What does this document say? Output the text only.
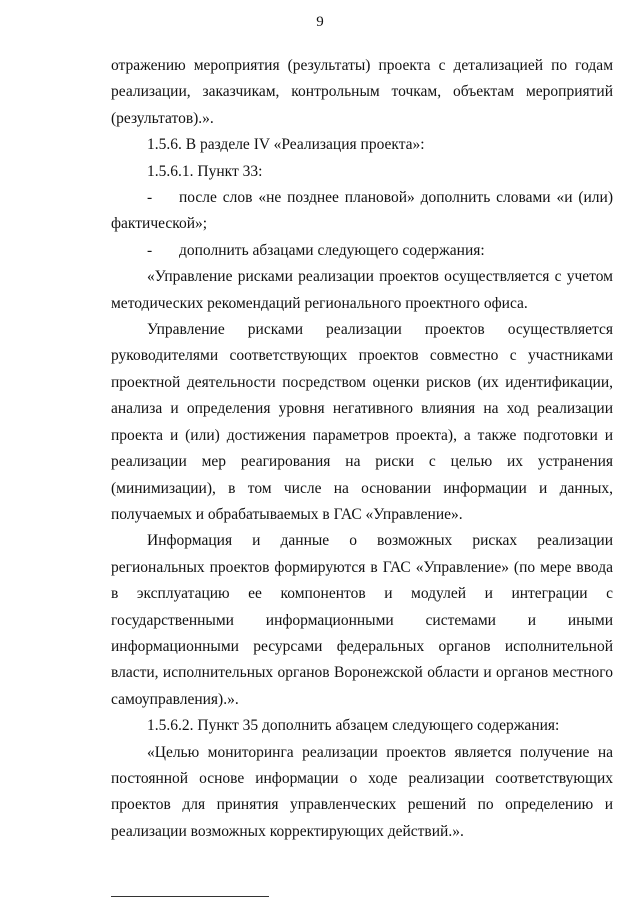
9

отражению мероприятия (результаты) проекта с детализацией по годам реализации, заказчикам, контрольным точкам, объектам мероприятий (результатов).».

1.5.6. В разделе IV «Реализация проекта»:

1.5.6.1. Пункт 33:

- после слов «не позднее плановой» дополнить словами «и (или) фактической»;

- дополнить абзацами следующего содержания:

«Управление рисками реализации проектов осуществляется с учетом методических рекомендаций регионального проектного офиса.

Управление рисками реализации проектов осуществляется руководителями соответствующих проектов совместно с участниками проектной деятельности посредством оценки рисков (их идентификации, анализа и определения уровня негативного влияния на ход реализации проекта и (или) достижения параметров проекта), а также подготовки и реализации мер реагирования на риски с целью их устранения (минимизации), в том числе на основании информации и данных, получаемых и обрабатываемых в ГАС «Управление».

Информация и данные о возможных рисках реализации региональных проектов формируются в ГАС «Управление» (по мере ввода в эксплуатацию ее компонентов и модулей и интеграции с государственными информационными системами и иными информационными ресурсами федеральных органов исполнительной власти, исполнительных органов Воронежской области и органов местного самоуправления).».

1.5.6.2. Пункт 35 дополнить абзацем следующего содержания:

«Целью мониторинга реализации проектов является получение на постоянной основе информации о ходе реализации соответствующих проектов для принятия управленческих решений по определению и реализации возможных корректирующих действий.».
